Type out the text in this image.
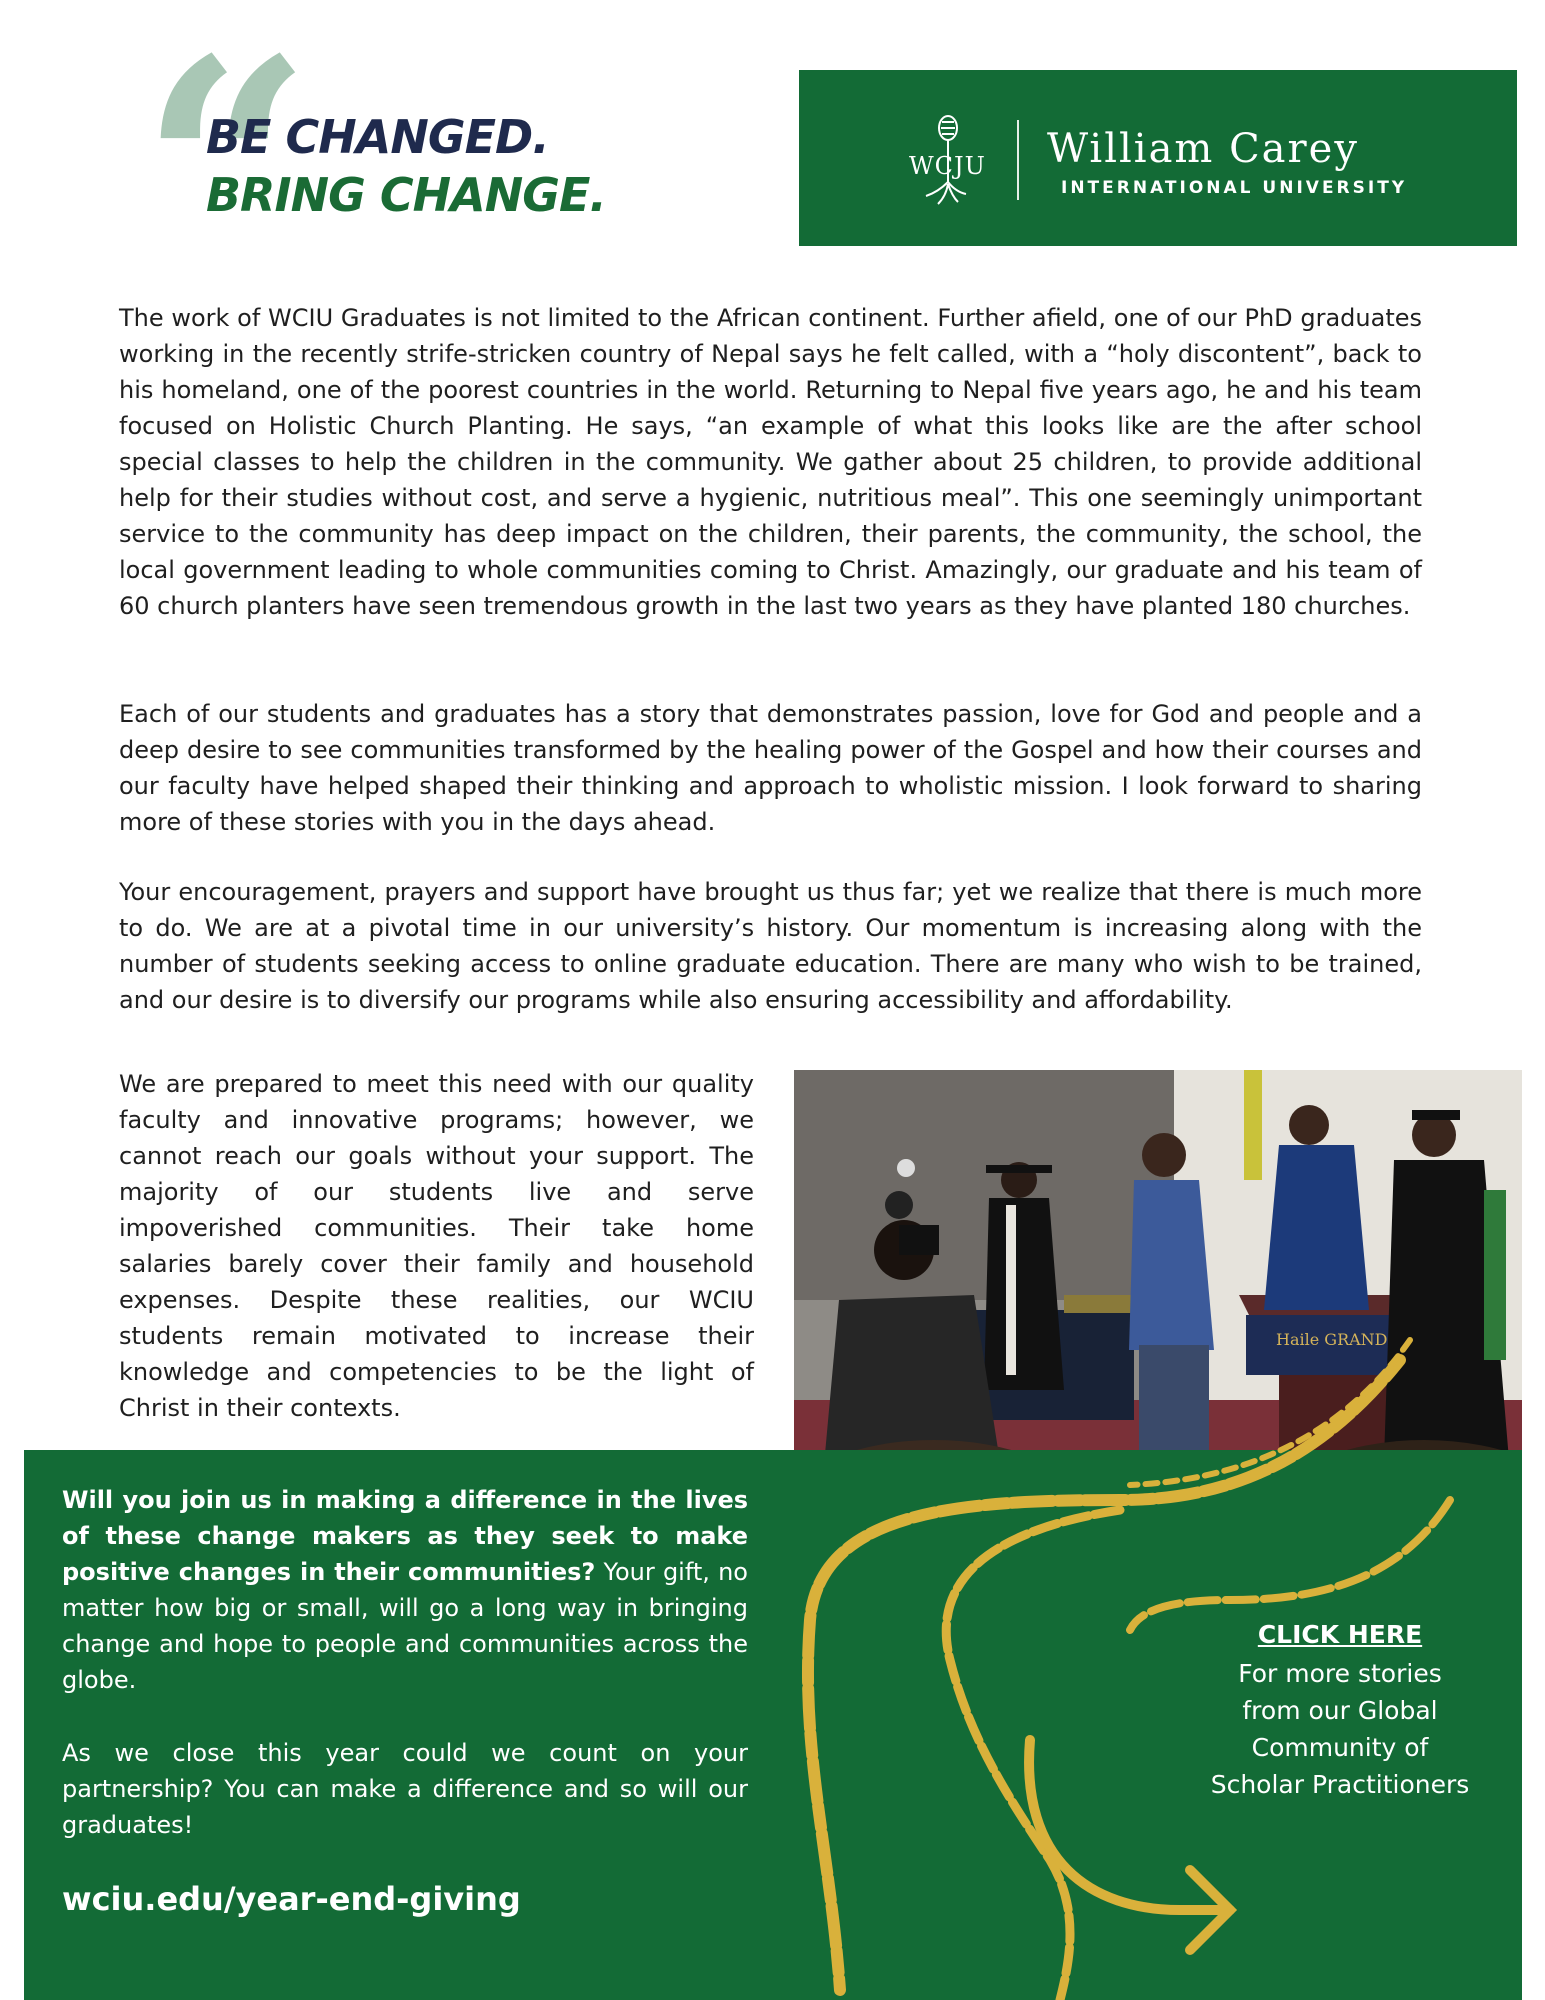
“
BE CHANGED.
BRING CHANGE.
WCJU William Carey
INTERNATIONAL UNIVERSITY

The work of WCIU Graduates is not limited to the African continent. Further afield, one of our PhD graduates working in the recently strife-stricken country of Nepal says he felt called, with a “holy discontent”, back to his homeland, one of the poorest countries in the world. Returning to Nepal five years ago, he and his team focused on Holistic Church Planting. He says, “an example of what this looks like are the after school special classes to help the children in the community. We gather about 25 children, to provide additional help for their studies without cost, and serve a hygienic, nutritious meal”. This one seemingly unimportant service to the community has deep impact on the children, their parents, the community, the school, the local government leading to whole communities coming to Christ. Amazingly, our graduate and his team of 60 church planters have seen tremendous growth in the last two years as they have planted 180 churches.

Each of our students and graduates has a story that demonstrates passion, love for God and people and a deep desire to see communities transformed by the healing power of the Gospel and how their courses and our faculty have helped shaped their thinking and approach to wholistic mission. I look forward to sharing more of these stories with you in the days ahead.

Your encouragement, prayers and support have brought us thus far; yet we realize that there is much more to do. We are at a pivotal time in our university’s history. Our momentum is increasing along with the number of students seeking access to online graduate education. There are many who wish to be trained, and our desire is to diversify our programs while also ensuring accessibility and affordability.

We are prepared to meet this need with our quality faculty and innovative programs; however, we cannot reach our goals without your support. The majority of our students live and serve impoverished communities. Their take home salaries barely cover their family and household expenses. Despite these realities, our WCIU students remain motivated to increase their knowledge and competencies to be the light of Christ in their contexts.

Haile GRAND

Will you join us in making a difference in the lives of these change makers as they seek to make positive changes in their communities? Your gift, no matter how big or small, will go a long way in bringing change and hope to people and communities across the globe.

As we close this year could we count on your partnership? You can make a difference and so will our graduates!

wciu.edu/year-end-giving
CLICK HERE
For more stories from our Global Community of Scholar Practitioners
